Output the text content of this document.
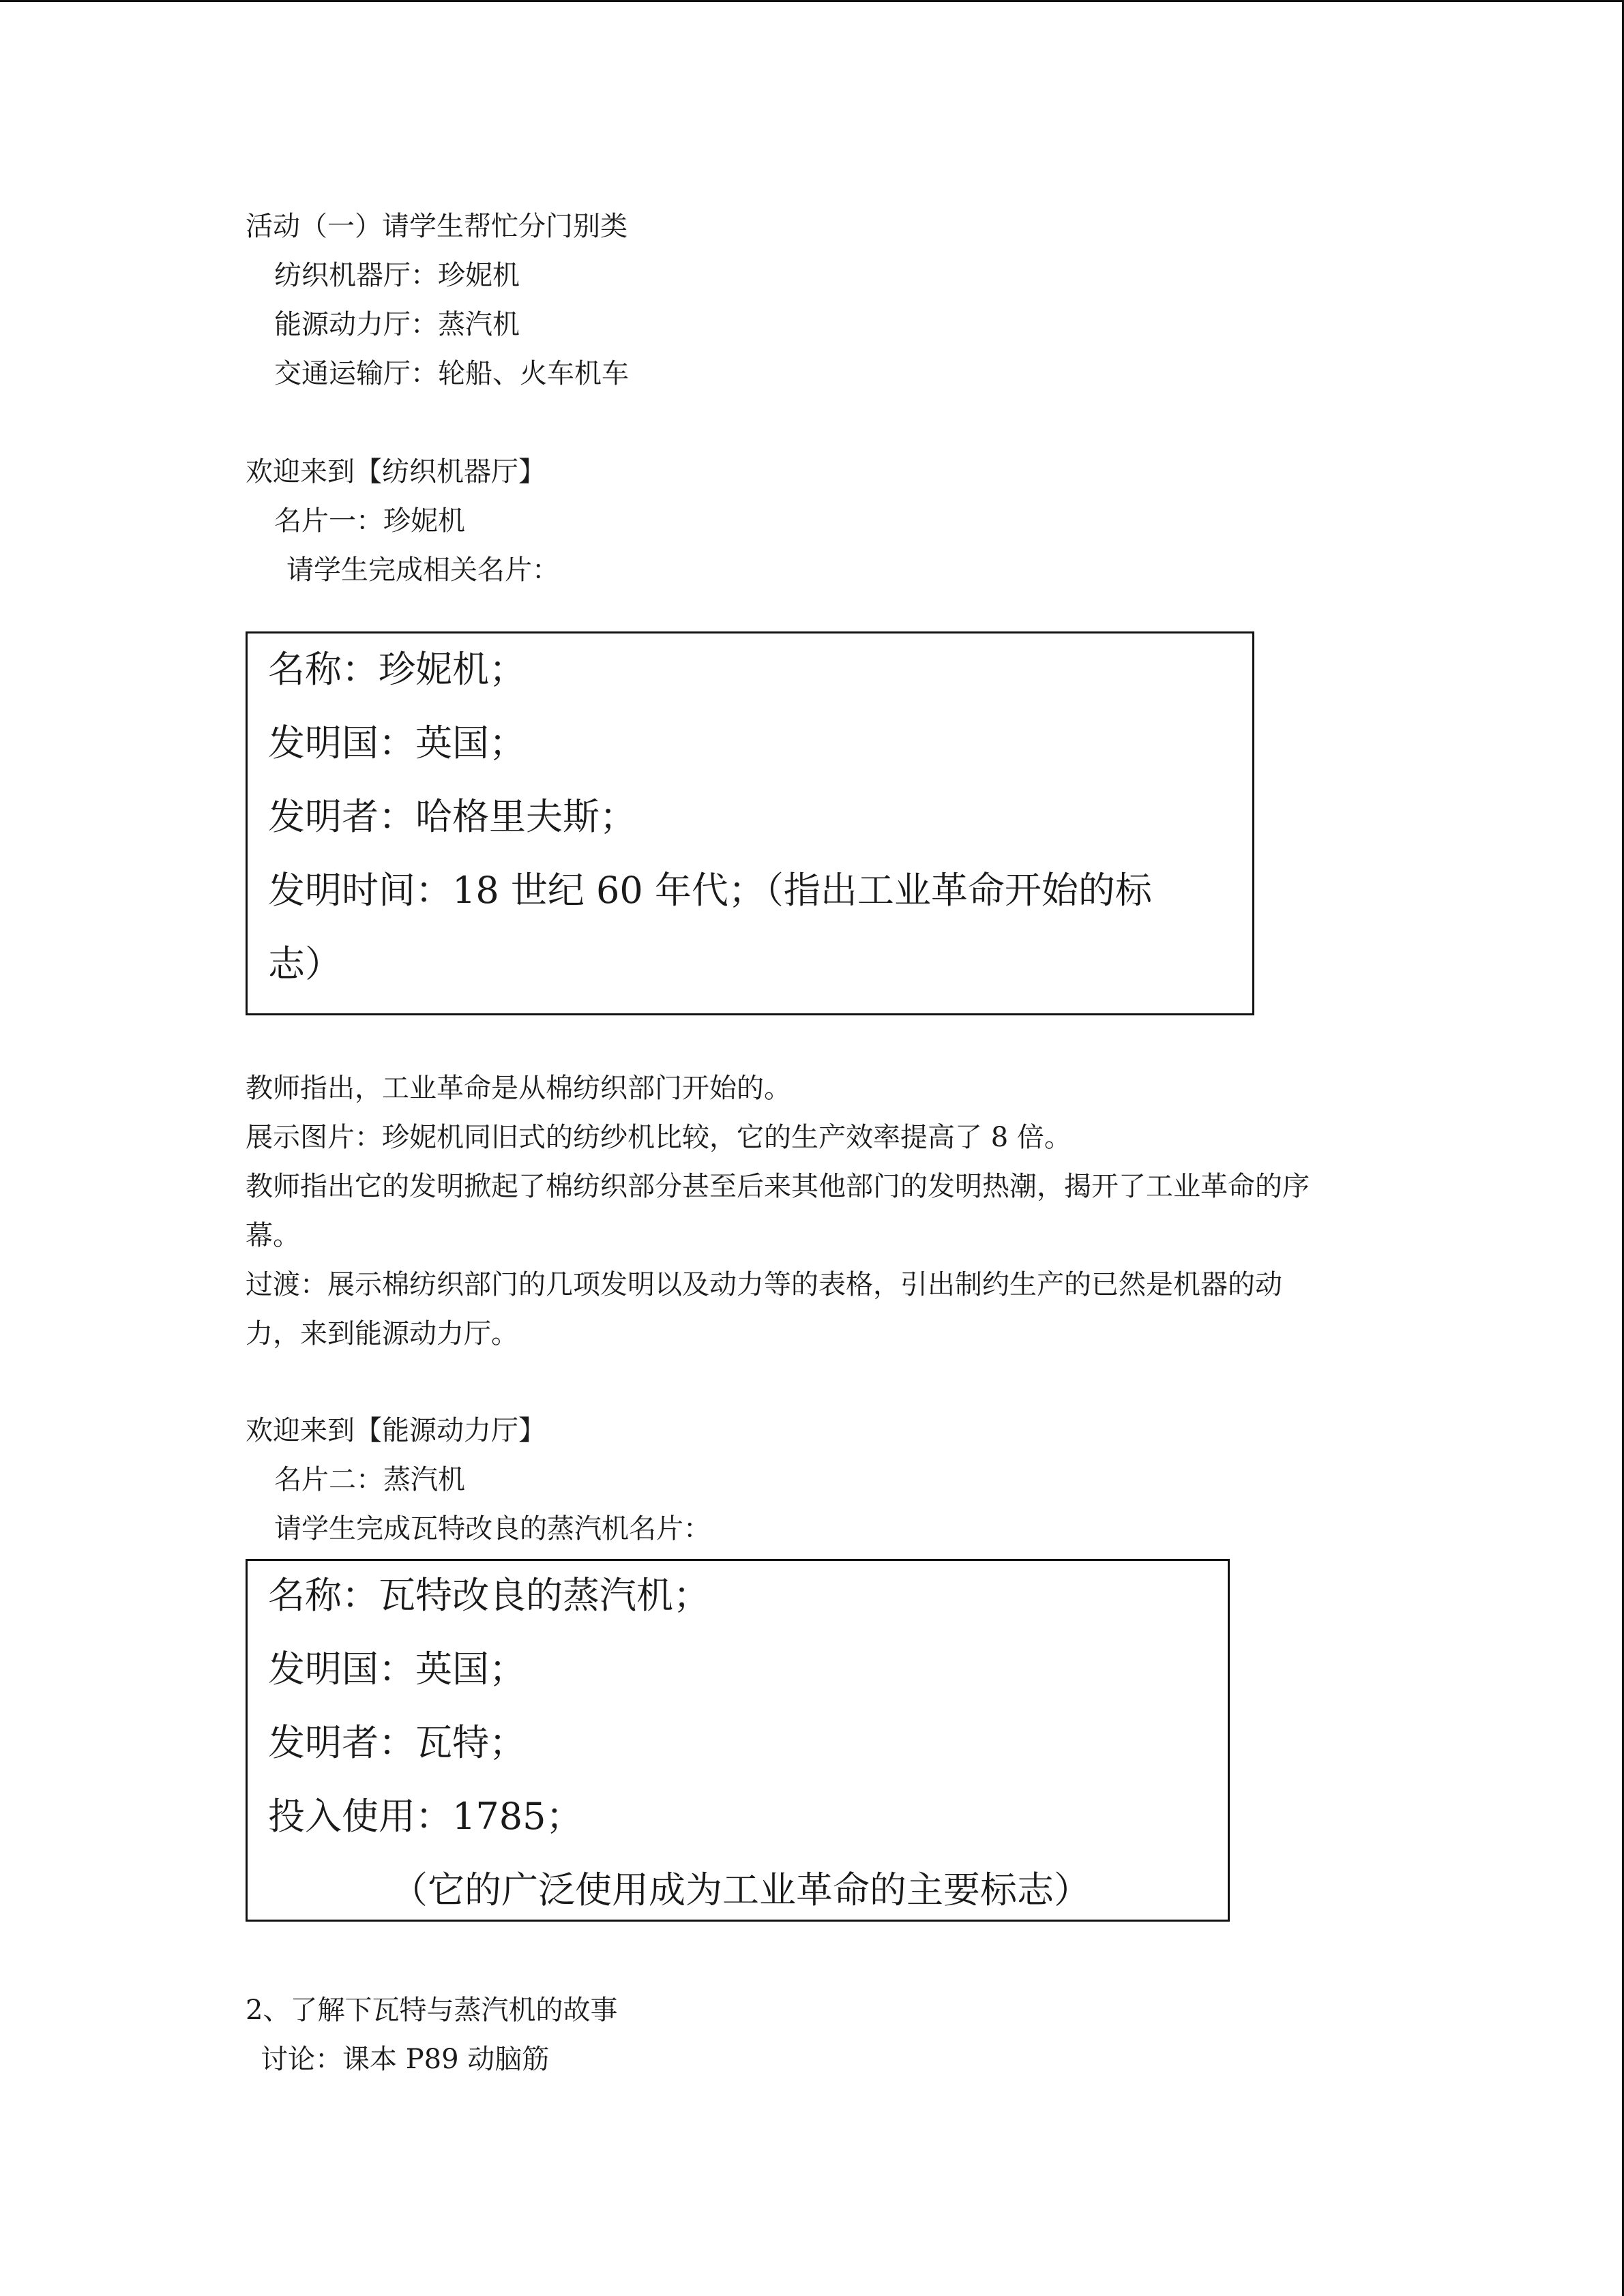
活动（一）请学生帮忙分门别类
纺织机器厅：珍妮机
能源动力厅：蒸汽机
交通运输厅：轮船、火车机车
欢迎来到【纺织机器厅】
名片一：珍妮机
请学生完成相关名片：
名称：珍妮机；
发明国：英国；
发明者：哈格里夫斯；
发明时间：18 世纪 60 年代；（指出工业革命开始的标
志）
教师指出，工业革命是从棉纺织部门开始的。
展示图片：珍妮机同旧式的纺纱机比较，它的生产效率提高了 8 倍。
教师指出它的发明掀起了棉纺织部分甚至后来其他部门的发明热潮，揭开了工业革命的序
幕。
过渡：展示棉纺织部门的几项发明以及动力等的表格，引出制约生产的已然是机器的动
力，来到能源动力厅。
欢迎来到【能源动力厅】
名片二：蒸汽机
请学生完成瓦特改良的蒸汽机名片：
名称：瓦特改良的蒸汽机；
发明国：英国；
发明者：瓦特；
投入使用：1785；
（它的广泛使用成为工业革命的主要标志）
2、了解下瓦特与蒸汽机的故事
讨论：课本 P89 动脑筋
